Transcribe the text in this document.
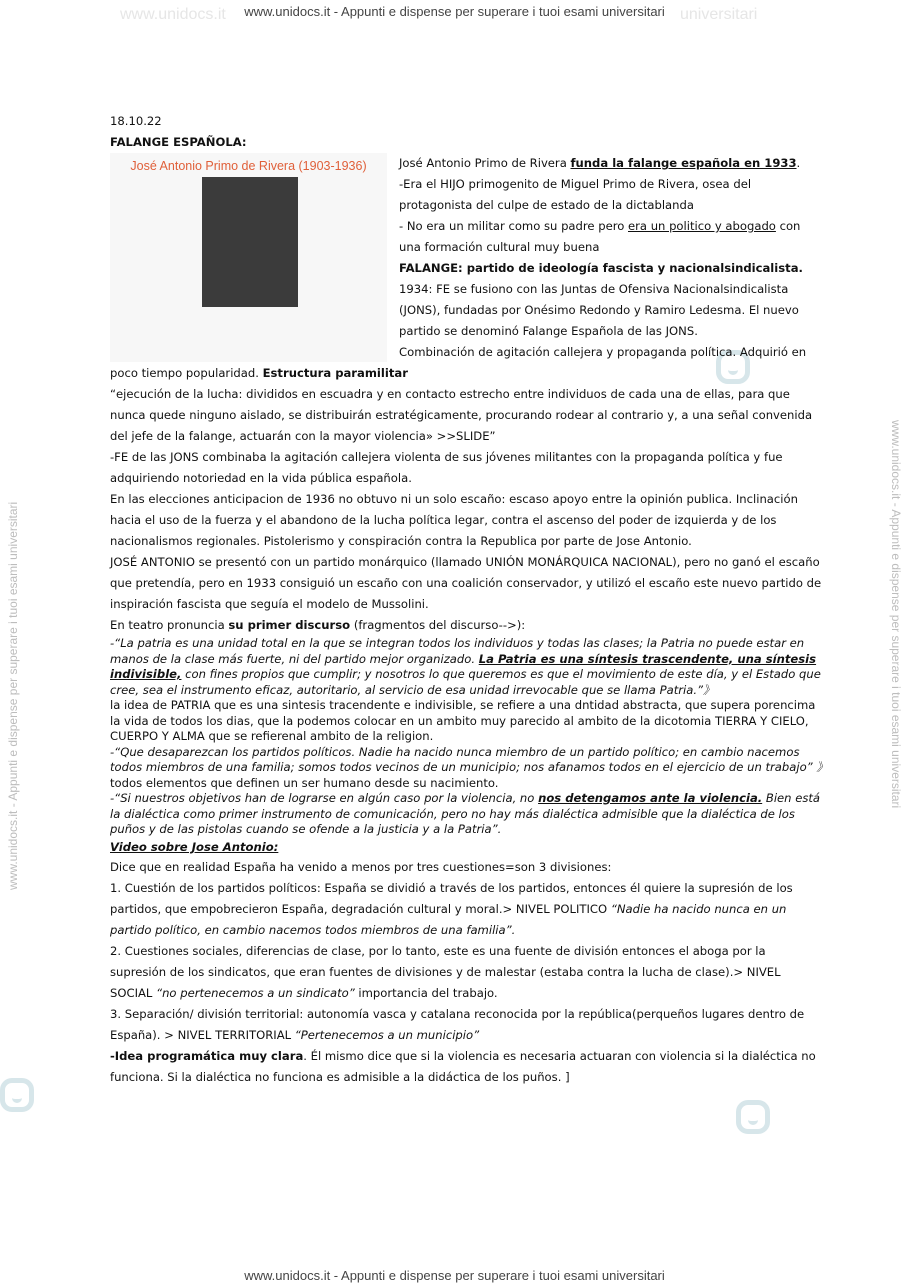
www.unidocs.it	universitari
www.unidocs.it - Appunti e dispense per superare i tuoi esami universitari
www.unidocs.it - Appunti e dispense per superare i tuoi esami universitari	www.unidocs.it - Appunti e dispense per superare i tuoi esami universitari

18.10.22

FALANGE ESPAÑOLA:

José Antonio Primo de Rivera (1903-1936)	José Antonio Primo de Rivera funda la falange española en 1933.

-Era el HIJO primogenito de Miguel Primo de Rivera, osea del protagonista del culpe de estado de la dictablanda

- No era un militar como su padre pero era un politico y abogado con una formación cultural muy buena

FALANGE: partido de ideología fascista y nacionalsindicalista.

1934: FE se fusiono con las Juntas de Ofensiva Nacionalsindicalista (JONS), fundadas por Onésimo Redondo y Ramiro Ledesma. El nuevo partido se denominó Falange Española de las JONS.

Combinación de agitación callejera y propaganda política. Adquirió en poco tiempo popularidad. Estructura paramilitar

“ejecución de la lucha: divididos en escuadra y en contacto estrecho entre individuos de cada una de ellas, para que nunca quede ninguno aislado, se distribuirán estratégicamente, procurando rodear al contrario y, a una señal convenida del jefe de la falange, actuarán con la mayor violencia» >>SLIDE”

-FE de las JONS combinaba la agitación callejera violenta de sus jóvenes militantes con la propaganda política y fue adquiriendo notoriedad en la vida pública española.

En las elecciones anticipacion de 1936 no obtuvo ni un solo escaño: escaso apoyo entre la opinión publica. Inclinación hacia el uso de la fuerza y el abandono de la lucha política legar, contra el ascenso del poder de izquierda y de los nacionalismos regionales. Pistolerismo y conspiración contra la Republica por parte de Jose Antonio.

JOSÉ ANTONIO se presentó con un partido monárquico (llamado UNIÓN MONÁRQUICA NACIONAL), pero no ganó el escaño que pretendía, pero en 1933 consiguió un escaño con una coalición conservador, y utilizó el escaño este nuevo partido de inspiración fascista que seguía el modelo de Mussolini.

En teatro pronuncia su primer discurso (fragmentos del discurso-->):

-“La patria es una unidad total en la que se integran todos los individuos y todas las clases; la Patria no puede estar en manos de la clase más fuerte, ni del partido mejor organizado. La Patria es una síntesis trascendente, una síntesis indivisible, con fines propios que cumplir; y nosotros lo que queremos es que el movimiento de este día, y el Estado que cree, sea el instrumento eficaz, autoritario, al servicio de esa unidad irrevocable que se llama Patria.”》

la idea de PATRIA que es una sintesis tracendente e indivisible, se refiere a una dntidad abstracta, que supera porencima la vida de todos los dias, que la podemos colocar en un ambito muy parecido al ambito de la dicotomia TIERRA Y CIELO, CUERPO Y ALMA que se refierenal ambito de la religion.

-“Que desaparezcan los partidos políticos. Nadie ha nacido nunca miembro de un partido político; en cambio nacemos todos miembros de una familia; somos todos vecinos de un municipio; nos afanamos todos en el ejercicio de un trabajo” 》todos elementos que definen un ser humano desde su nacimiento.

-“Si nuestros objetivos han de lograrse en algún caso por la violencia, no nos detengamos ante la violencia. Bien está la dialéctica como primer instrumento de comunicación, pero no hay más dialéctica admisible que la dialéctica de los puños y de las pistolas cuando se ofende a la justicia y a la Patria”.

Video sobre Jose Antonio:

Dice que en realidad España ha venido a menos por tres cuestiones=son 3 divisiones:

1. Cuestión de los partidos políticos: España se dividió a través de los partidos, entonces él quiere la supresión de los partidos, que empobrecieron España, degradación cultural y moral.> NIVEL POLITICO “Nadie ha nacido nunca en un partido político, en cambio nacemos todos miembros de una familia”.

2. Cuestiones sociales, diferencias de clase, por lo tanto, este es una fuente de división entonces el aboga por la supresión de los sindicatos, que eran fuentes de divisiones y de malestar (estaba contra la lucha de clase).> NIVEL SOCIAL “no pertenecemos a un sindicato” importancia del trabajo.

3. Separación/ división territorial: autonomía vasca y catalana reconocida por la república(perqueños lugares dentro de España). > NIVEL TERRITORIAL “Pertenecemos a un municipio”

-Idea programática muy clara. Él mismo dice que si la violencia es necesaria actuaran con violencia si la dialéctica no funciona. Si la dialéctica no funciona es admisible a la didáctica de los puños. ]

www.unidocs.it - Appunti e dispense per superare i tuoi esami universitari
